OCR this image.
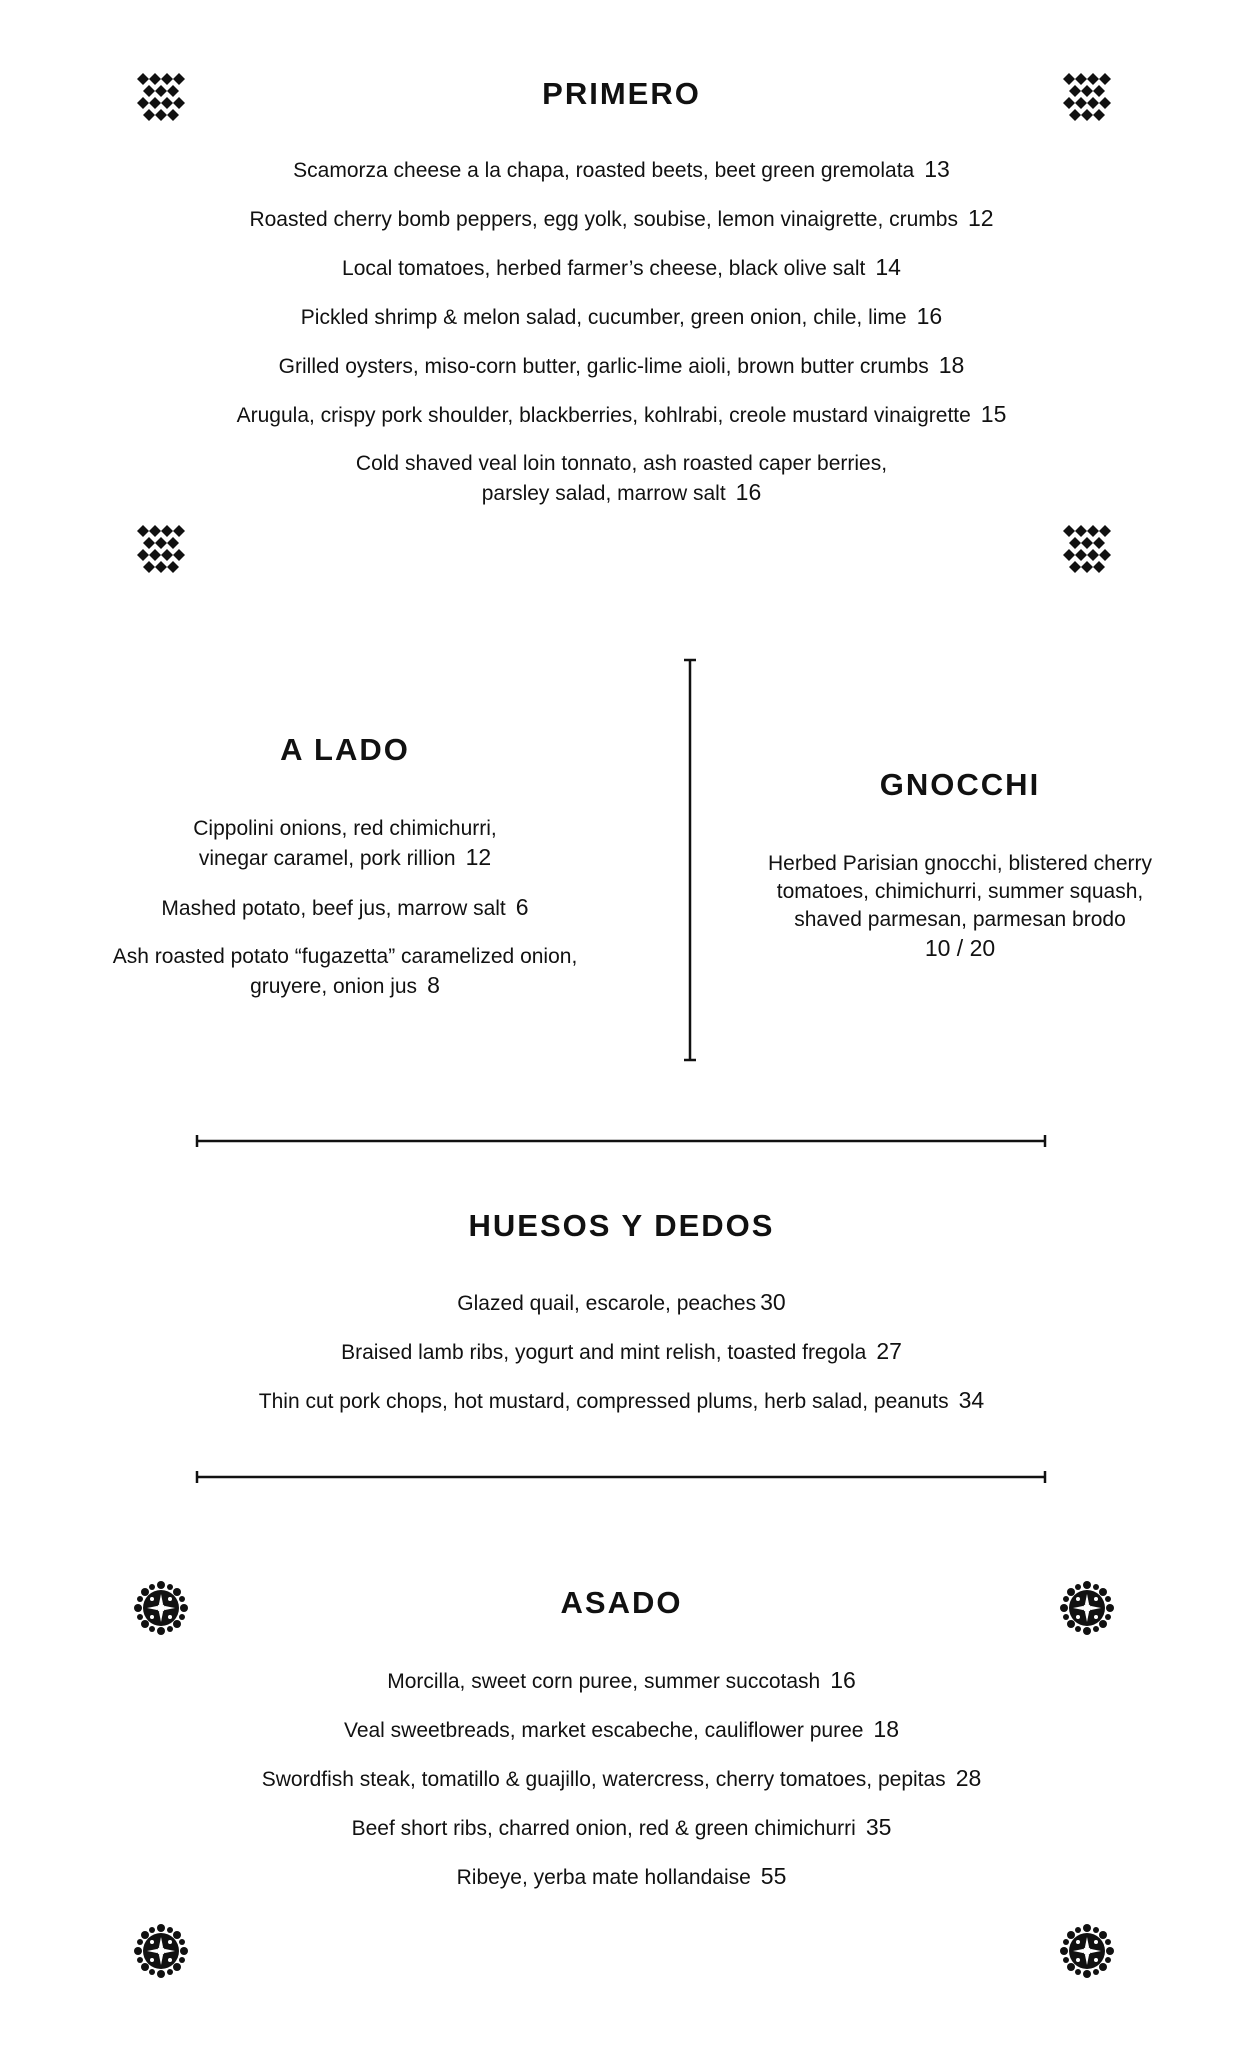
PRIMERO
Scamorza cheese a la chapa, roasted beets, beet green gremolata 13
Roasted cherry bomb peppers, egg yolk, soubise, lemon vinaigrette, crumbs 12
Local tomatoes, herbed farmer’s cheese, black olive salt 14
Pickled shrimp & melon salad, cucumber, green onion, chile, lime 16
Grilled oysters, miso-corn butter, garlic-lime aioli, brown butter crumbs 18
Arugula, crispy pork shoulder, blackberries, kohlrabi, creole mustard vinaigrette 15
Cold shaved veal loin tonnato, ash roasted caper berries,
parsley salad, marrow salt 16
A LADO
Cippolini onions, red chimichurri,
vinegar caramel, pork rillion 12
Mashed potato, beef jus, marrow salt 6
Ash roasted potato “fugazetta” caramelized onion,
gruyere, onion jus 8
GNOCCHI
Herbed Parisian gnocchi, blistered cherry
tomatoes, chimichurri, summer squash,
shaved parmesan, parmesan brodo
10 / 20
HUESOS Y DEDOS
Glazed quail, escarole, peaches 30
Braised lamb ribs, yogurt and mint relish, toasted fregola 27
Thin cut pork chops, hot mustard, compressed plums, herb salad, peanuts 34
ASADO
Morcilla, sweet corn puree, summer succotash 16
Veal sweetbreads, market escabeche, cauliflower puree 18
Swordfish steak, tomatillo & guajillo, watercress, cherry tomatoes, pepitas 28
Beef short ribs, charred onion, red & green chimichurri 35
Ribeye, yerba mate hollandaise 55
